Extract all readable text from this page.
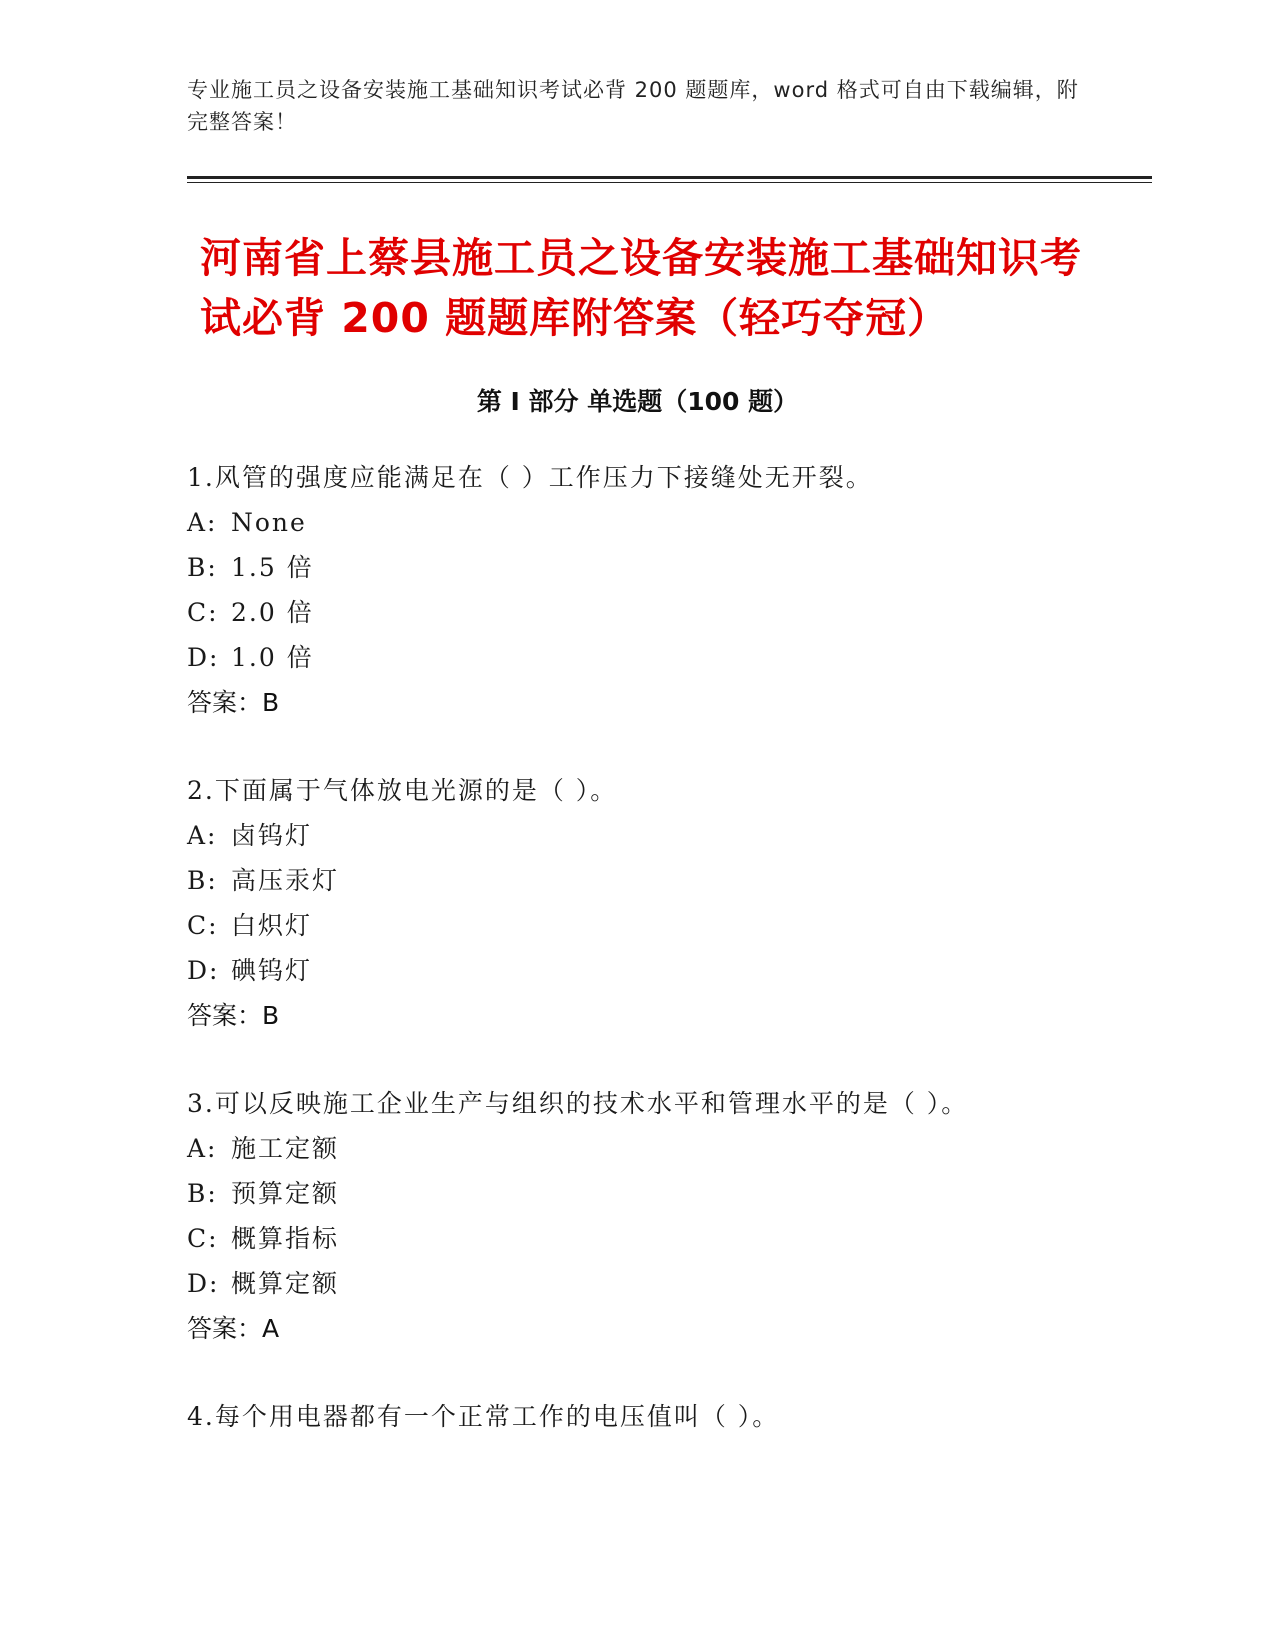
专业施工员之设备安装施工基础知识考试必背 200 题题库，word 格式可自由下载编辑，附完整答案！
河南省上蔡县施工员之设备安装施工基础知识考试必背 200 题题库附答案（轻巧夺冠）
第 I 部分 单选题（100 题）
1.风管的强度应能满足在（ ）工作压力下接缝处无开裂。
A: None
B: 1.5 倍
C: 2.0 倍
D: 1.0 倍
答案：B
2.下面属于气体放电光源的是（ ）。
A: 卤钨灯
B: 高压汞灯
C: 白炽灯
D: 碘钨灯
答案：B
3.可以反映施工企业生产与组织的技术水平和管理水平的是（ ）。
A: 施工定额
B: 预算定额
C: 概算指标
D: 概算定额
答案：A
4.每个用电器都有一个正常工作的电压值叫（ ）。
